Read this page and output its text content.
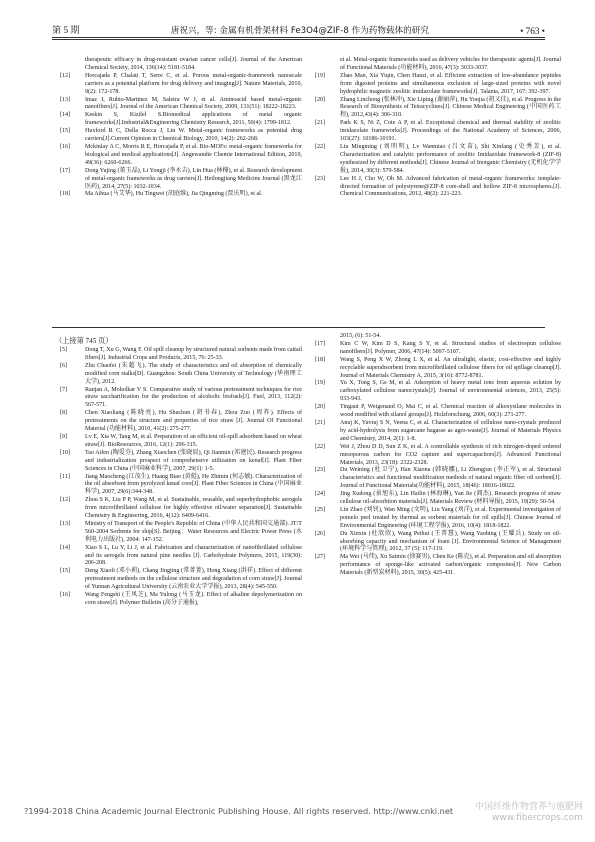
第 5 期	唐祝兴，等: 金属有机骨架材料 Fe3O4@ZIF-8 作为药物载体的研究	• 763 •
therapeutic efficacy in drug-resistant ovarian cancer cells[J]. Journal of the American Chemical Society, 2014, 136(14): 5181-5184.
[12] Horcajada P, Chalati T, Serre C, et al. Porous metal-organic-framework nanoscale carriers as a potential platform for drug delivery and imaging[J]. Nature Materials, 2010, 9(2): 172-178.
[13] Imaz I, Rubio-Martinez M, Saletra W J, et al. Aminoacid based metal-organic nanofibers[J]. Journal of the American Chemical Society, 2009, 131(51): 18222-18223.
[14] Keskin S, Kizilel S.Biomedical applications of metal organic frameworks[J].Industrial&Engineering Chemistry Research, 2011, 50(4): 1799-1812.
[15] Huxford R C, Della Rocca J, Lin W. Metal-organic frameworks as potential drug carriers[J].Current Opinion in Chemical Biology, 2010, 14(2): 262-268.
[16] Mckinlay A C, Morris R E, Horcajada P, et al. Bio-MOFs: metal-organic frameworks for biological and medical applications[J]. Angewandte Chemie International Edition, 2010, 49(36): 6260-6266.
[17] Dong Yujing (董玉晶), Li Yongji (李永吉), Lin Hua (林樺), et al. Research development of metal-organic frameworks as drug carriers[J]. Heilongjiang Medicine Journal (黑龙江医药), 2014, 27(5): 1032-1034.
[18] Ma Aihua (马艾华), Hu Tingwei (胡庭维), Jia Qingming (贾庆明), et al.
et al. Metal-organic frameworks used as delivery vehicles for therapeutic agents[J]. Journal of Functional Materials (功能材料), 2016, 47(3): 3033-3037.
[19] Zhao Man, Xia Yiqin, Chen Hanzi, et al. Efficient extraction of low-abundance peptides from digested proteins and simultaneous exclusion of large-sized proteins with novel hydrophilic magnetic zeolitic imidazolate frameworks[J]. Talanta, 2017, 167: 392-397.
[20] Zhang Linchong (张林冲), Xie Liping (谢丽萍), Hu Youjia (胡又佳), et al. Progress in the Research of Biosynthesis of Tetracyclines[J]. Chinese Medical Engineering (中国医药工程), 2012,43(4): 306-310.
[21] Park K S, Ni Z, Cote A P, et al. Exceptional chemical and thermal stability of zeolitic imidazolate frameworks[J]. Proceedings of the National Academy of Sciences, 2006, 103(27): 10186-10191.
[22] Liu Mingming (刘明明), Lv Wanmiao (吕文苗), Shi Xinfang (史秀芳), et al. Characterization and catalytic performance of zeolitic Imidazolate framework-8 (ZIF-8) synthesized by different methods[J]. Chinese Journal of Inorganic Chemistry (无机化学学报), 2014, 30(3): 579-584.
[23] Lee H J, Cho W, Oh M. Advanced fabrication of metal-organic frameworks: template-directed formation of polystyrene@ZIF-8 core-shell and hollow ZIF-8 microspheres.[J]. Chemical Communications, 2012, 48(2): 221-223.
（上接第 745 页）
[5]	Dong T, Xu G, Wang F. Oil spill cleanup by structured natural sorbents made from cattail fibers[J]. Industrial Crops and Products, 2015, 76: 25-33.
[6]	Zhu Chaofei (朱超飞). The study of characteristics and oil absorption of chemically modified corn stalks[D]. Guangzhou: South China University of Technology (华南理工大学), 2012.
[7]	Ranjan A, Moholkar V S. Comparative study of various pretreatment techniques for rice straw saccharification for the production of alcoholic biofuels[J]. Fuel, 2013, 112(2): 567-571.
[8]	Chen Xiaoliang (陈晓亮), Hu Shuchun (胡书春), Zhou Zuo (周祚). Effects of pretreatments on the structure and properties of rice straw [J]. Journal Of Functional Material (功能材料), 2010, 41(2): 275-277.
[9]	Lv E, Xia W, Tang M, et al. Preparation of an efficient oil-spill adsorbent based on wheat straw[J]. BioResources, 2016, 12(1): 296-315.
[10] Tao Aifen (陶爱芬), Zhang Xiaochen (张晓辰), Qi Jianmin (祁建民). Research progress and industrialization prospect of comprehensive utilization on kenaf[J]. Plant Fiber Sciences in China (中国麻业科学), 2007, 29(1): 1-5.
[11]	Jiang Maocheng (江茂生), Huang Biao (黄彪), He Zhimin (何志敏). Characterization of the oil absorbent from pyrolyzed kenaf core[J]. Plant Fiber Sciences in China (中国麻业科学), 2007, 29(6):344-348.
[12] Zhou S K, Liu P P, Wang M, et al. Sustainable, reusable, and superhydrophobic aerogels from microfibrillated cellulose for highly effective oil/water separation[J]. Sustainable Chemistry & Engineering, 2016, 4(12): 6409-6416.
[13] Ministry of Transport of the People's Republic of China (中华人民共和国交通部). JT/T 560-2004 Sorbents for ship[S]. Beijing：Water Resources and Electric Power Press (水利电力出版社), 2004: 147-152.
[14] Xiao S L, Lu Y, Li J, et al. Fabrication and characterization of nanofibrillated cellulose and its aerogels from natural pine needles [J]. Carbohydrate Polymers, 2015, 119(30): 206-208.
[15] Deng Xiaoli (邓小莉), Chang Jingjing (常菁菁), Hong Xiang (洪祥). Effect of different pretreatment methods on the cellulose structure and degradation of corn straw[J]. Journal of Yunnan Agricultural University (云南农业大学学报), 2013, 28(4): 545-550.
[16] Wang Fengshi (王凤芝), Ma Yulong (马玉龙). Effect of alkaline depolymerization on corn straw[J]. Polymer Bulletin (高分子通报),
2015, (6): 51-54.
[17] Kim C W, Kim D S, Kang S Y, et al. Structural studies of electrospun cellulose nanofibers[J]. Polymer, 2006, 47(14): 5097-5107.
[18] Wang S, Peng X W, Zhong L X, et al. An ultralight, elastic, cost-effective and highly recyclable superabsorbent from microfibrillated cellulose fibers for oil spillage cleanup[J]. Journal of Materials Chemistry A, 2015, 3(16): 8772-8781.
[19] Yu X, Tong S, Ge M, et al. Adsorption of heavy metal ions from aqueous solution by carboxylated cellulose nanocrystals[J]. Journal of environmental sciences, 2013, 25(5): 933-943.
[20] Tingaut P, Weigenand O, Mai C, et al. Chemical reaction of alkoxysilane molecules in wood modified with silanol groups[J]. Holzforschung, 2006, 60(3): 271-277.
[21] Anuj K, Yuvraj S N, Veena C, et al. Characterization of cellulose nano-crystals produced by acid-hydrolysis from sugarcane bagasse as agro-waste[J]. Journal of Materials Physics and Chemistry, 2014, 2(1): 1-8.
[22] Wei J, Zhou D D, Sun Z K, et al. A controllable synthesis of rich nitrogen-doped ordered mesoporous carbon for CO2 capture and supercapacitors[J]. Advanced Functional Materials, 2013, 23(18): 2322-2328.
[23] Du Weining (杜卫宁), Han Xiaona (韩晓娜), Li Zhengjun (李正军), et al. Structural characteristics and functional modification methods of natural organic fiber oil sorbent[J]. Journal of Functional Materials(功能材料), 2015, 18(46): 18016-18022.
[24] Jing Xudong (景旭东), Lin Hailin (林海琳), Yan Jie (阎杰). Research progress of straw cellulose oil-absorbtion materials[J]. Materials Review (材料导报), 2015, 19(29): 50-54.
[25] Lin Zhao (刘钊), Wan Ming (文明), Liu Yang (刘洋), et al. Experimental investigation of pomelo peel treated by thermal as sorbent materials for oil spills[J]. Chinese Journal of Environmental Engineering (环境工程学报), 2016, 10(4): 1818-1822.
[26] Du Xinxin (杜欣欣), Wang Peihui (王普慧), Wang Yaobing (王耀兵). Study on oil-absorbing capacity and mechanism of foam [J]. Environmental Science of Management (环境科学与管理), 2012, 37 (5): 117-119.
[27] Ma Wei (马伟), Xu Saimin (徐赛男), Chen Ke (陈克), et al. Preparation and oil absorption performance of sponge-like activated carbon/organic composites[J]. New Carbon Materials (新型炭材料), 2015, 30(5): 425-431.
?1994-2018 China Academic Journal Electronic Publishing House. All rights reserved. http://www.cnki.net 中国纤维作物营养与施肥网
www.fibercrops.com
